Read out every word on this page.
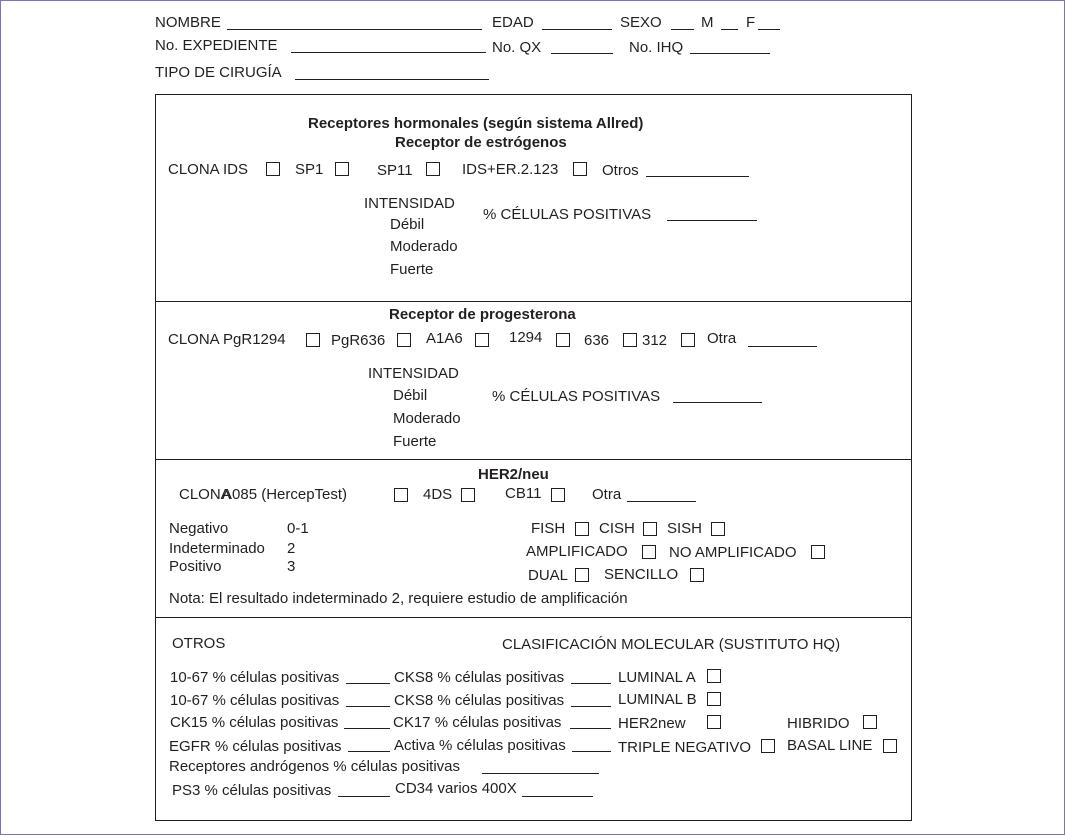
NOMBRE	EDAD	SEXO	M F
No. EXPEDIENTE	No. QX	No. IHQ
TIPO DE CIRUGÍA
Receptores hormonales (según sistema Allred)
Receptor de estrógenos
CLONA IDS	SP1	SP11	IDS+ER.2.123	Otros
INTENSIDAD
Débil
Moderado
Fuerte
% CÉLULAS POSITIVAS
Receptor de progesterona
CLONA PgR1294	PgR636	A1A6	1294	636 312	Otra
INTENSIDAD
Débil
Moderado
Fuerte
% CÉLULAS POSITIVAS
HER2/neu
CLONA
A085 (HercepTest)	4DS	CB11	Otra
Negativo	0-1
Indeterminado 2
Positivo	3
FISH CISH SISH
AMPLIFICADO	NO AMPLIFICADO
DUAL SENCILLO
Nota: El resultado indeterminado 2, requiere estudio de amplificación
OTROS	CLASIFICACIÓN MOLECULAR (SUSTITUTO HQ)
10-67 % células positivas	CKS8 % células positivas	LUMINAL A
10-67 % células positivas	CKS8 % células positivas	LUMINAL B
CK15 % células positivas	CK17 % células positivas	HER2new	HIBRIDO
EGFR % células positivas	Activa % células positivas	TRIPLE NEGATIVO BASAL LINE
Receptores andrógenos % células positivas
PS3 % células positivas	CD34 varios 400X
